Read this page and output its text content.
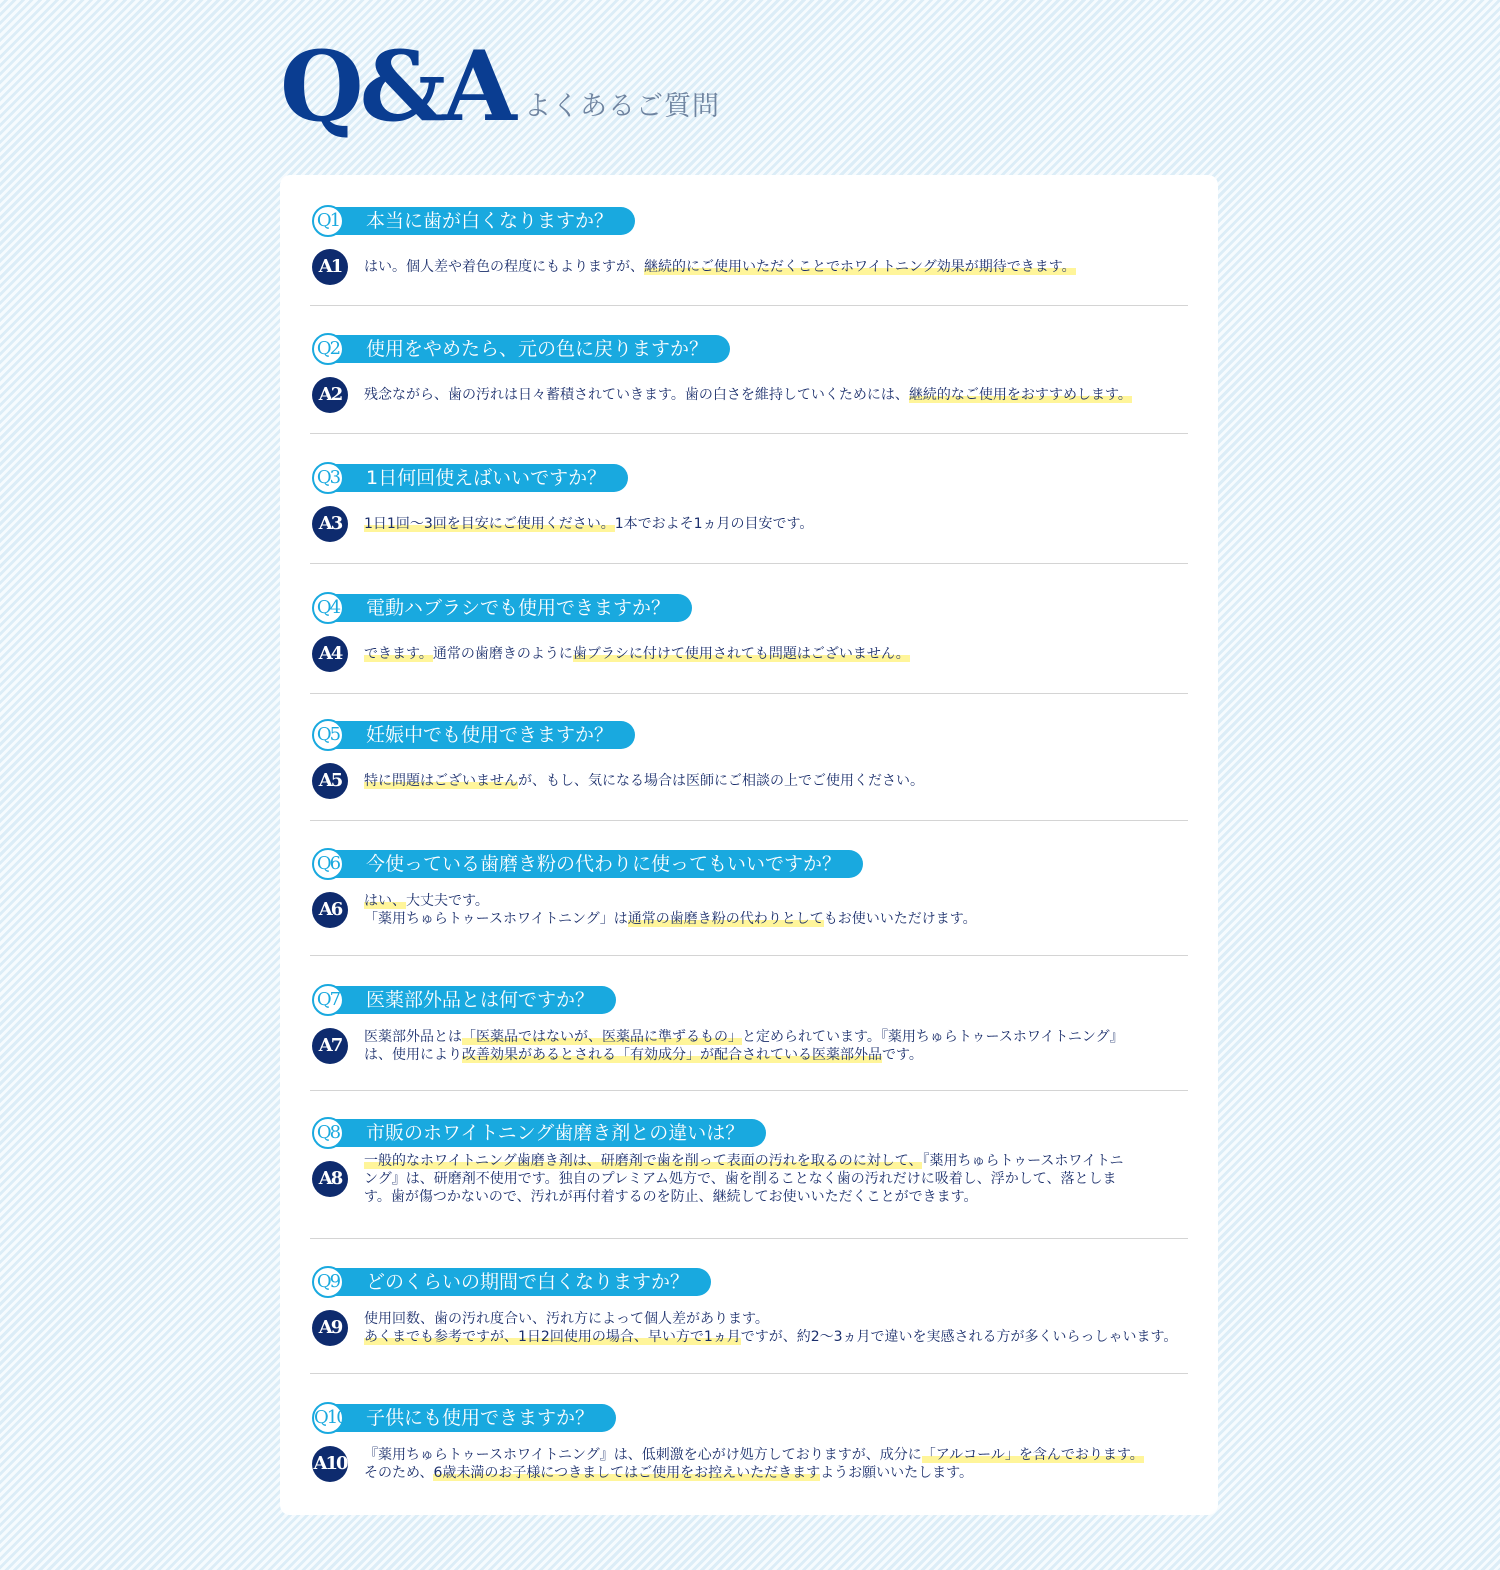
Q&A よくあるご質問
本当に歯が白くなりますか？
Q1
A1	はい。個人差や着色の程度にもよりますが、継続的にご使用いただくことでホワイトニング効果が期待できます。

使用をやめたら、元の色に戻りますか？
Q2
A2	残念ながら、歯の汚れは日々蓄積されていきます。歯の白さを維持していくためには、継続的なご使用をおすすめします。

1日何回使えばいいですか？
Q3
A3	1日1回～3回を目安にご使用ください。1本でおよそ1ヵ月の目安です。

電動ハブラシでも使用できますか？
Q4
A4	できます。通常の歯磨きのように歯ブラシに付けて使用されても問題はございません。

妊娠中でも使用できますか？
Q5
A5	特に問題はございませんが、もし、気になる場合は医師にご相談の上でご使用ください。

今使っている歯磨き粉の代わりに使ってもいいですか？
Q6
A6	はい、大丈夫です。

「薬用ちゅらトゥースホワイトニング」は通常の歯磨き粉の代わりとしてもお使いいただけます。

医薬部外品とは何ですか？
Q7
A7	医薬部外品とは「医薬品ではないが、医薬品に準ずるもの」と定められています。『薬用ちゅらトゥースホワイトニング』

は、使用により改善効果があるとされる「有効成分」が配合されている医薬部外品です。

市販のホワイトニング歯磨き剤との違いは？
Q8
A8

一般的なホワイトニング歯磨き剤は、研磨剤で歯を削って表面の汚れを取るのに対して、『薬用ちゅらトゥースホワイトニ

ング』は、研磨剤不使用です。独自のプレミアム処方で、歯を削ることなく歯の汚れだけに吸着し、浮かして、落としま

す。歯が傷つかないので、汚れが再付着するのを防止、継続してお使いいただくことができます。

どのくらいの期間で白くなりますか？
Q9
A9	使用回数、歯の汚れ度合い、汚れ方によって個人差があります。

あくまでも参考ですが、1日2回使用の場合、早い方で1ヵ月ですが、約2～3ヵ月で違いを実感される方が多くいらっしゃいます。

子供にも使用できますか？
Q10
A10 『薬用ちゅらトゥースホワイトニング』は、低刺激を心がけ処方しておりますが、成分に「アルコール」を含んでおります。

そのため、6歳未満のお子様につきましてはご使用をお控えいただきますようお願いいたします。
